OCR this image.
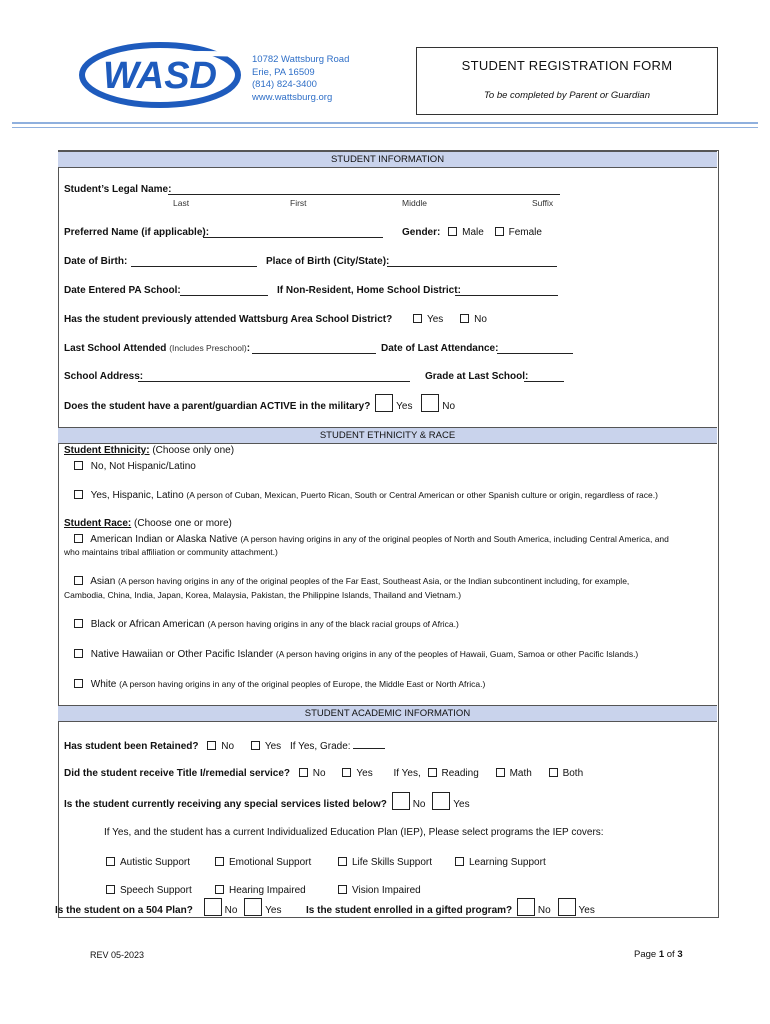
WASD	10782 Wattsburg Road
Erie, PA 16509
(814) 824-3400
www.wattsburg.org
STUDENT REGISTRATION FORM
To be completed by Parent or Guardian
STUDENT INFORMATION
Student’s Legal Name:
Last	First	Middle	Suffix
Preferred Name (if applicable):	Gender: Male Female
Date of Birth:	Place of Birth (City/State):
Date Entered PA School:	If Non-Resident, Home School District:
Has the student previously attended Wattsburg Area School District?	Yes	No
Last School Attended (Includes Preschool):	Date of Last Attendance:
School Address:	Grade at Last School:
Does the student have a parent/guardian ACTIVE in the military?	Yes	No
STUDENT ETHNICITY & RACE
Student Ethnicity: (Choose only one)
No, Not Hispanic/Latino
Yes, Hispanic, Latino (A person of Cuban, Mexican, Puerto Rican, South or Central American or other Spanish culture or origin, regardless of race.)
Student Race: (Choose one or more)
American Indian or Alaska Native (A person having origins in any of the original peoples of North and South America, including Central America, and
who maintains tribal affiliation or community attachment.)
Asian (A person having origins in any of the original peoples of the Far East, Southeast Asia, or the Indian subcontinent including, for example,
Cambodia, China, India, Japan, Korea, Malaysia, Pakistan, the Philippine Islands, Thailand and Vietnam.)
Black or African American (A person having origins in any of the black racial groups of Africa.)
Native Hawaiian or Other Pacific Islander (A person having origins in any of the peoples of Hawaii, Guam, Samoa or other Pacific Islands.)
White (A person having origins in any of the original peoples of Europe, the Middle East or North Africa.)
STUDENT ACADEMIC INFORMATION
Has student been Retained? No	Yes If Yes, Grade:
Did the student receive Title I/remedial service? No	Yes If Yes, Reading	Math	Both
Is the student currently receiving any special services listed below?	No	Yes
If Yes, and the student has a current Individualized Education Plan (IEP), Please select programs the IEP covers:
Autistic Support	Emotional Support	Life Skills Support	Learning Support
Speech Support	Hearing Impaired	Vision Impaired
Is the student on a 504 Plan?	No	Yes Is the student enrolled in a gifted program?	No	Yes
REV 05-2023	Page 1 of 3
